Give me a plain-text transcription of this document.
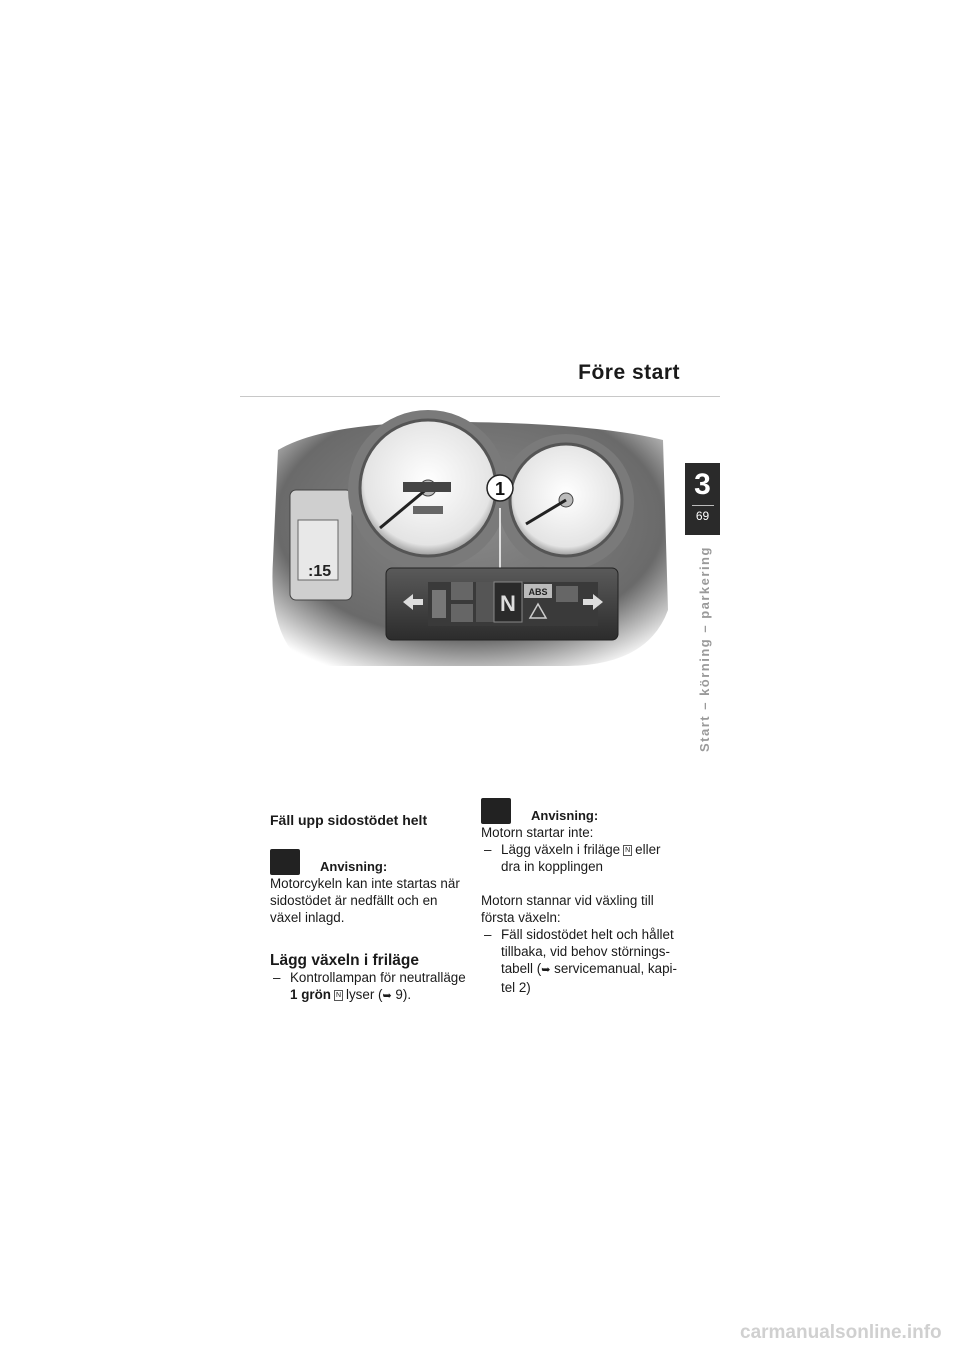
Före start
3
69
Start – körning – parkering
:15
1
N ABS

Fäll upp sidostödet helt

Anvisning:

Motorcykeln kan inte startas när sidostödet är nedfällt och en växel inlagd.

Lägg växeln i friläge

– Kontrollampan för neutralläge 1 grön N lyser (➥ 9).
Anvisning:

Motorn startar inte:

– Lägg växeln i friläge N eller dra in kopplingen

Motorn stannar vid växling till första växeln:

– Fäll sidostödet helt och hållet tillbaka, vid behov störningstabell (➥ servicemanual, kapitel 2)
carmanualsonline.info
